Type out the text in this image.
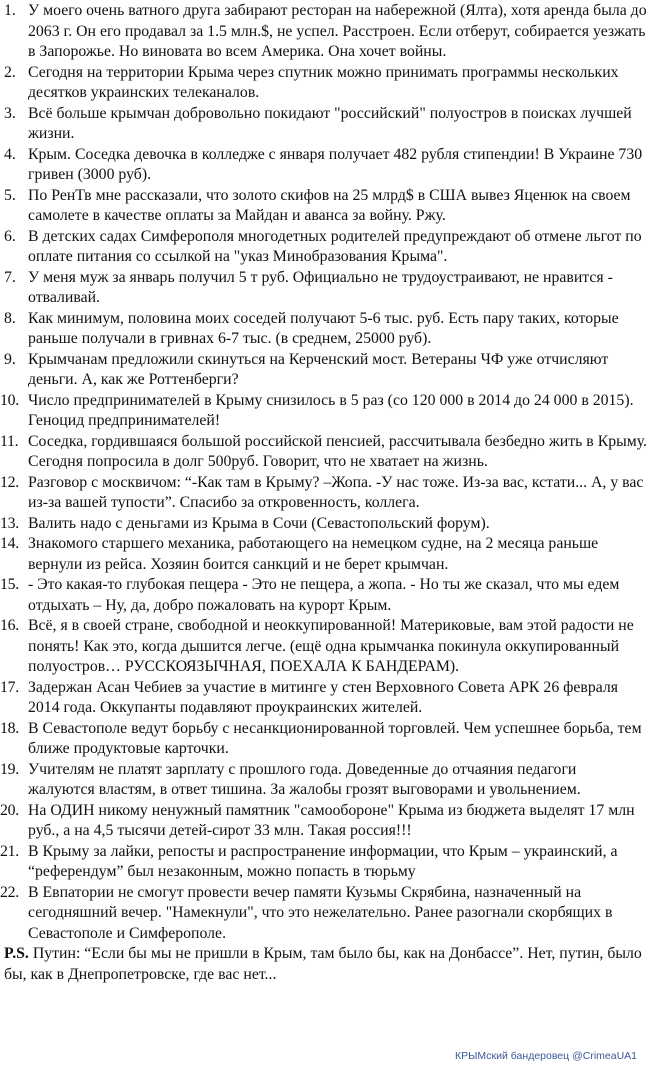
1. У моего очень ватного друга забирают ресторан на набережной (Ялта), хотя аренда была до 2063 г. Он его продавал за 1.5 млн.$, не успел. Расстроен. Если отберут, собирается уезжать в Запорожье. Но виновата во всем Америка. Она хочет войны.
2. Сегодня на территории Крыма через спутник можно принимать программы нескольких десятков украинских телеканалов.
3. Всё больше крымчан добровольно покидают "российский" полуостров в поисках лучшей жизни.
4. Крым. Соседка девочка в колледже с января получает 482 рубля стипендии! В Украине 730 гривен (3000 руб).
5. По РенТв мне рассказали, что золото скифов на 25 млрд$ в США вывез Яценюк на своем самолете в качестве оплаты за Майдан и аванса за войну. Ржу.
6. В детских садах Симферополя многодетных родителей предупреждают об отмене льгот по оплате питания со ссылкой на "указ Минобразования Крыма".
7. У меня муж за январь получил 5 т руб. Официально не трудоустраивают, не нравится - отваливай.
8. Как минимум, половина моих соседей получают 5-6 тыс. руб. Есть пару таких, которые раньше получали в гривнах 6-7 тыс. (в среднем, 25000 руб).
9. Крымчанам предложили скинуться на Керченский мост. Ветераны ЧФ уже отчисляют деньги. А, как же Роттенберги?
10. Число предпринимателей в Крыму снизилось в 5 раз (со 120 000 в 2014 до 24 000 в 2015). Геноцид предпринимателей!
11. Соседка, гордившаяся большой российской пенсией, рассчитывала безбедно жить в Крыму. Сегодня попросила в долг 500руб. Говорит, что не хватает на жизнь.
12. Разговор с москвичом: “-Как там в Крыму? –Жопа. -У нас тоже. Из-за вас, кстати... А, у вас из-за вашей тупости”. Спасибо за откровенность, коллега.
13. Валить надо с деньгами из Крыма в Сочи (Севастопольский форум).
14. Знакомого старшего механика, работающего на немецком судне, на 2 месяца раньше вернули из рейса. Хозяин боится санкций и не берет крымчан.
15. - Это какая-то глубокая пещера - Это не пещера, а жопа. - Но ты же сказал, что мы едем отдыхать – Ну, да, добро пожаловать на курорт Крым.
16. Всё, я в своей стране, свободной и неоккупированной! Материковые, вам этой радости не понять! Как это, когда дышится легче. (ещё одна крымчанка покинула оккупированный полуостров… РУССКОЯЗЫЧНАЯ, ПОЕХАЛА К БАНДЕРАМ).
17. Задержан Асан Чебиев за участие в митинге у стен Верховного Совета АРК 26 февраля 2014 года. Оккупанты подавляют проукраинских жителей.
18. В Севастополе ведут борьбу с несанкционированной торговлей. Чем успешнее борьба, тем ближе продуктовые карточки.
19. Учителям не платят зарплату с прошлого года. Доведенные до отчаяния педагоги жалуются властям, в ответ тишина. За жалобы грозят выговорами и увольнением.
20. На ОДИН никому ненужный памятник "самообороне" Крыма из бюджета выделят 17 млн руб., а на 4,5 тысячи детей-сирот 33 млн. Такая россия!!!
21. В Крыму за лайки, репосты и распространение информации, что Крым – украинский, а “референдум” был незаконным, можно попасть в тюрьму
22. В Евпатории не смогут провести вечер памяти Кузьмы Скрябина, назначенный на сегодняшний вечер. "Намекнули", что это нежелательно. Ранее разогнали скорбящих в Севастополе и Симферополе.
P.S. Путин: “Если бы мы не пришли в Крым, там было бы, как на Донбассе”. Нет, путин, было бы, как в Днепропетровске, где вас нет...
КРЫМский бандеровец @CrimeaUA1
